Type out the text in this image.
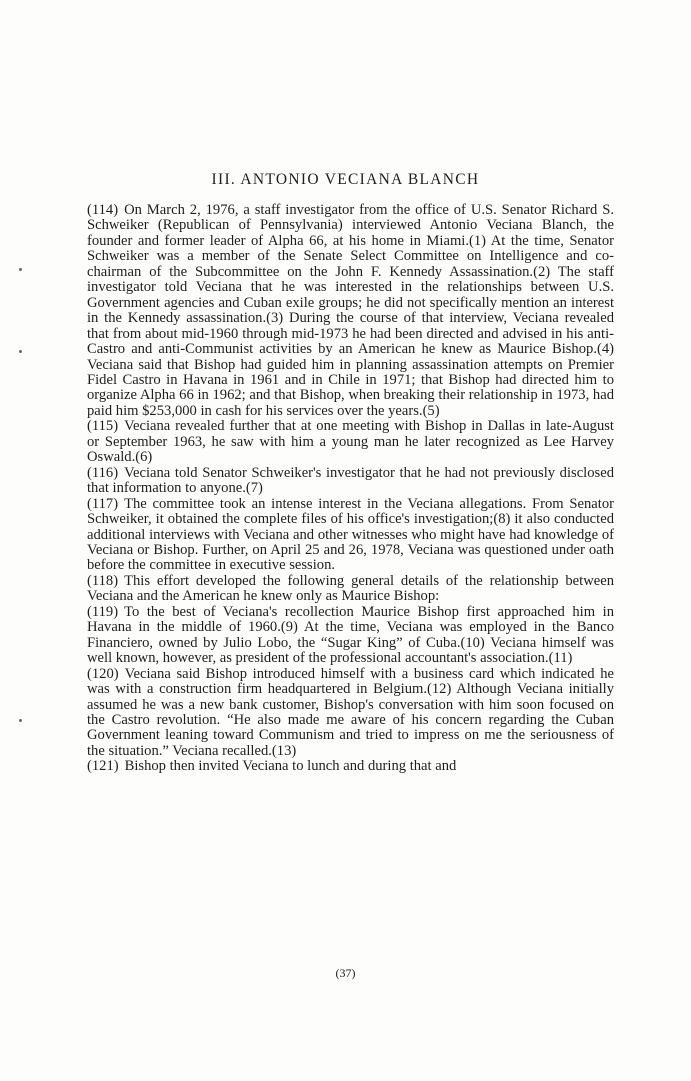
III. ANTONIO VECIANA BLANCH

(114) On March 2, 1976, a staff investigator from the office of U.S. Senator Richard S. Schweiker (Republican of Pennsylvania) interviewed Antonio Veciana Blanch, the founder and former leader of Alpha 66, at his home in Miami.(1) At the time, Senator Schweiker was a member of the Senate Select Committee on Intelligence and co-chairman of the Subcommittee on the John F. Kennedy Assassination.(2) The staff investigator told Veciana that he was interested in the relationships between U.S. Government agencies and Cuban exile groups; he did not specifically mention an interest in the Kennedy assassination.(3) During the course of that interview, Veciana revealed that from about mid-1960 through mid-1973 he had been directed and advised in his anti-Castro and anti-Communist activities by an American he knew as Maurice Bishop.(4) Veciana said that Bishop had guided him in planning assassination attempts on Premier Fidel Castro in Havana in 1961 and in Chile in 1971; that Bishop had directed him to organize Alpha 66 in 1962; and that Bishop, when breaking their relationship in 1973, had paid him $253,000 in cash for his services over the years.(5)

(115) Veciana revealed further that at one meeting with Bishop in Dallas in late-August or September 1963, he saw with him a young man he later recognized as Lee Harvey Oswald.(6)

(116) Veciana told Senator Schweiker's investigator that he had not previously disclosed that information to anyone.(7)

(117) The committee took an intense interest in the Veciana allegations. From Senator Schweiker, it obtained the complete files of his office's investigation;(8) it also conducted additional interviews with Veciana and other witnesses who might have had knowledge of Veciana or Bishop. Further, on April 25 and 26, 1978, Veciana was questioned under oath before the committee in executive session.

(118) This effort developed the following general details of the relationship between Veciana and the American he knew only as Maurice Bishop:

(119) To the best of Veciana's recollection Maurice Bishop first approached him in Havana in the middle of 1960.(9) At the time, Veciana was employed in the Banco Financiero, owned by Julio Lobo, the “Sugar King” of Cuba.(10) Veciana himself was well known, however, as president of the professional accountant's association.(11)

(120) Veciana said Bishop introduced himself with a business card which indicated he was with a construction firm headquartered in Belgium.(12) Although Veciana initially assumed he was a new bank customer, Bishop's conversation with him soon focused on the Castro revolution. “He also made me aware of his concern regarding the Cuban Government leaning toward Communism and tried to impress on me the seriousness of the situation.” Veciana recalled.(13)

(121) Bishop then invited Veciana to lunch and during that and

(37)
